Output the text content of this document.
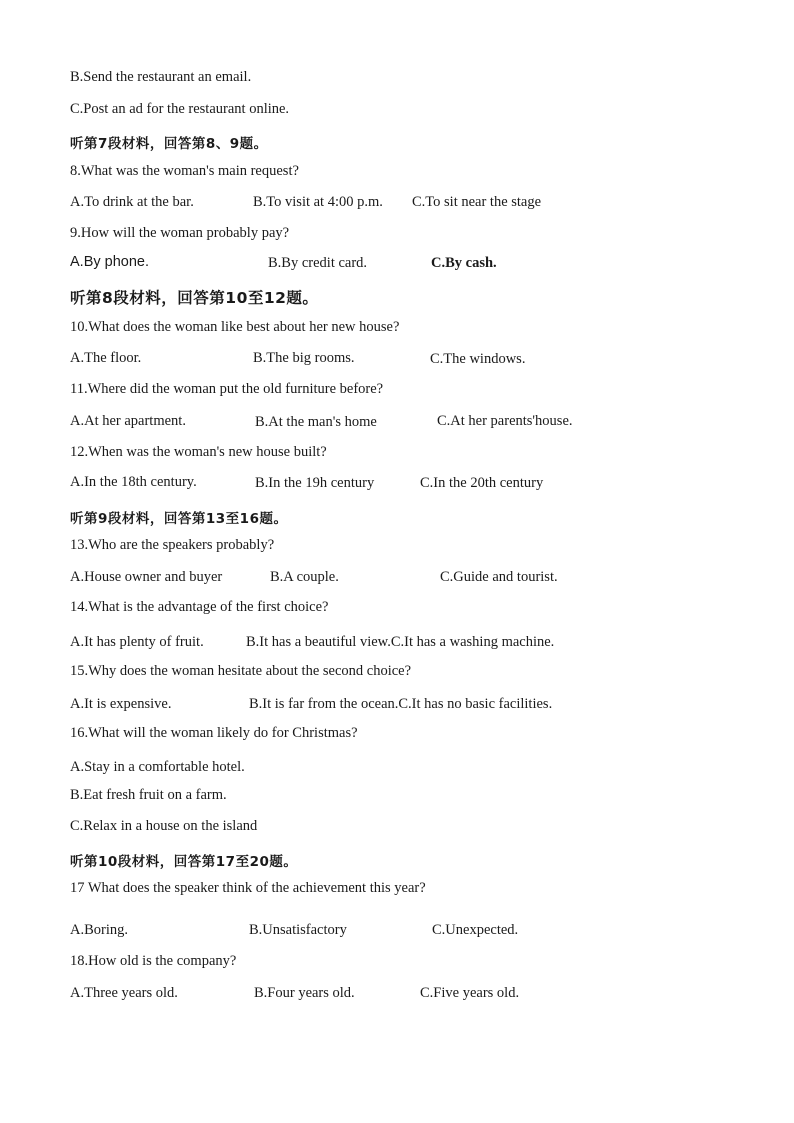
B.Send the restaurant an email.
C.Post an ad for the restaurant online.
听第7段材料，回答第8、9题。
8.What was the woman's main request?
A.To drink at the bar.	B.To visit at 4:00 p.m. C.To sit near the stage
9.How will the woman probably pay?
A.By phone.	B.By credit card.	C.By cash.
听第8段材料，回答第10至12题。
10.What does the woman like best about her new house?
A.The floor.	B.The big rooms.	C.The windows.
11.Where did the woman put the old furniture before?
A.At her apartment.	B.At the man's home	C.At her parents'house.
12.When was the woman's new house built?
A.In the 18th century.	B.In the 19h century	C.In the 20th century
听第9段材料，回答第13至16题。
13.Who are the speakers probably?
A.House owner and buyer	B.A couple.	C.Guide and tourist.
14.What is the advantage of the first choice?
A.It has plenty of fruit.	B.It has a beautiful view.C.It has a washing machine.
15.Why does the woman hesitate about the second choice?
A.It is expensive.	B.It is far from the ocean.C.It has no basic facilities.
16.What will the woman likely do for Christmas?
A.Stay in a comfortable hotel.
B.Eat fresh fruit on a farm.
C.Relax in a house on the island
听第10段材料，回答第17至20题。
17 What does the speaker think of the achievement this year?
A.Boring.	B.Unsatisfactory	C.Unexpected.
18.How old is the company?
A.Three years old.	B.Four years old.	C.Five years old.
